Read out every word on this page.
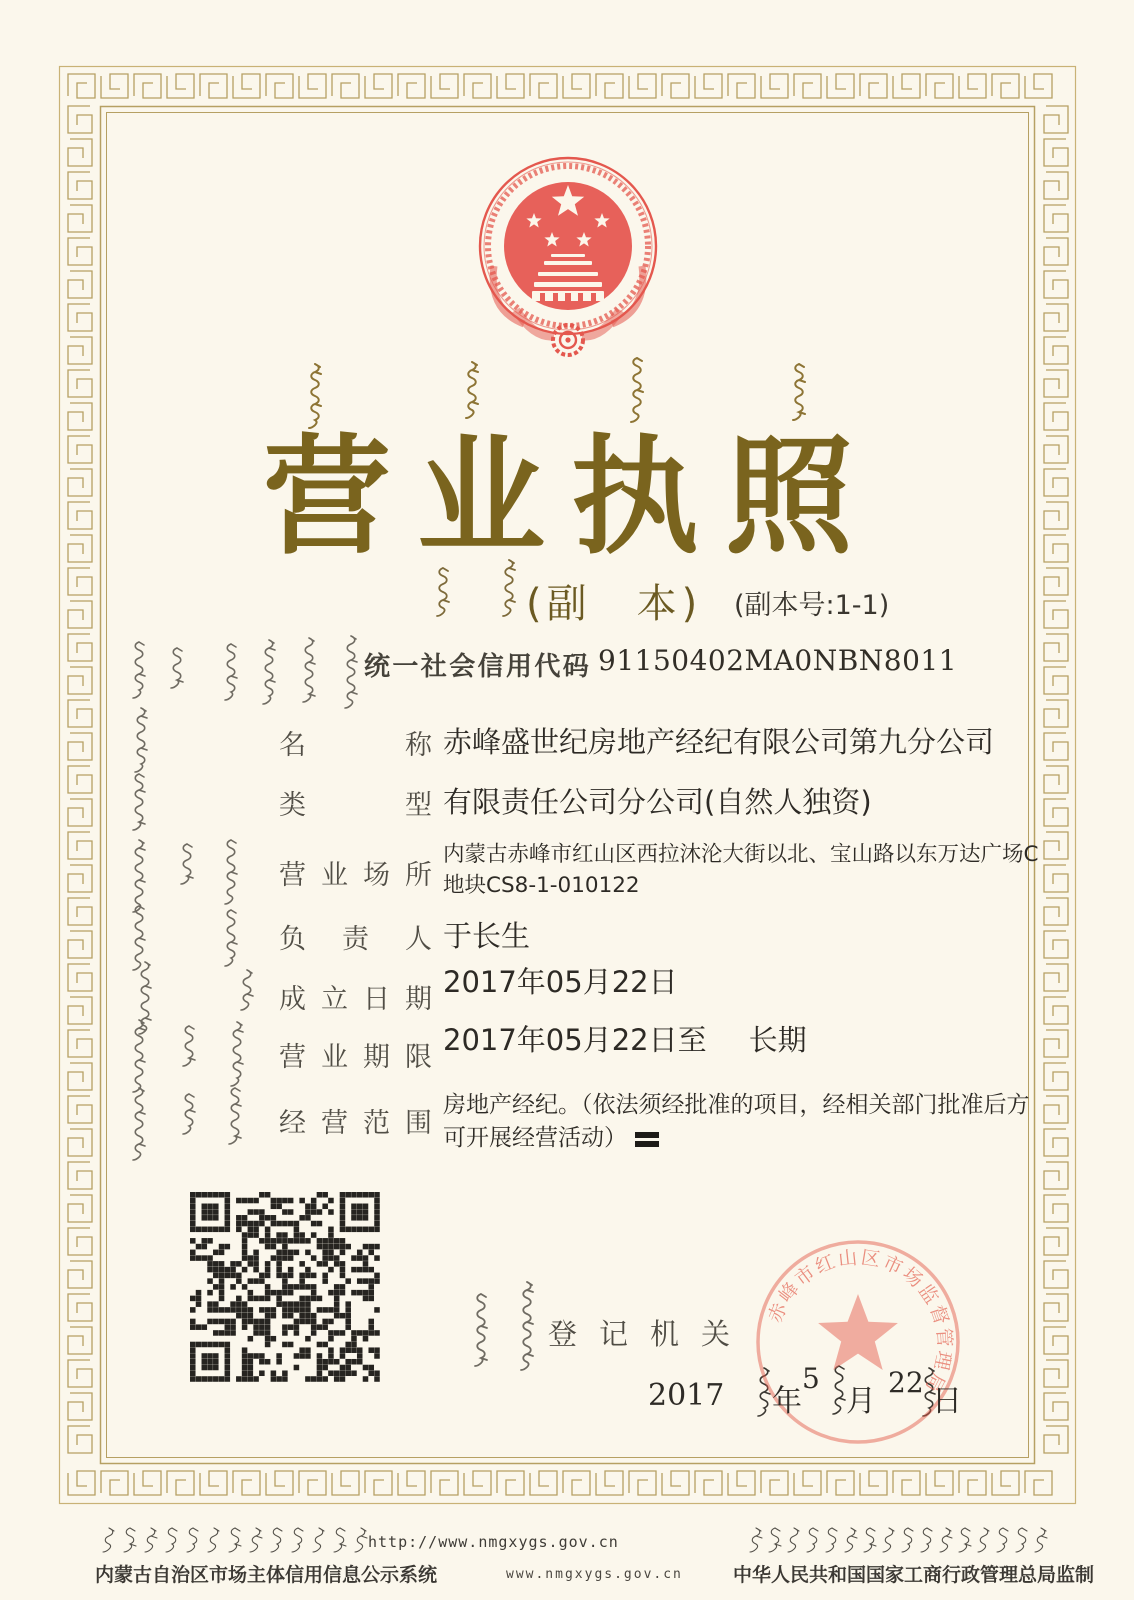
营业执照
(副　本) (副本号:1-1)
统一社会信用代码 91150402MA0NBN8011
名	称 赤峰盛世纪房地产经纪有限公司第九分公司
类	型 有限责任公司分公司(自然人独资)
营 业 场 所
内蒙古赤峰市红山区西拉沐沦大街以北、宝山路以东万达广场C地块CS8-1-010122
负 责 人 于长生
成 立 日 期
2017年05月22日
营 业 期 限
2017年05月22日至 长期
经 营 范 围
房地产经纪。（依法须经批准的项目，经相关部门批准后方可开展经营活动）
赤峰市红山区市场监督管理局
登记机关
2017 年
5
月
22
日
http://www.nmgxygs.gov.cn
内蒙古自治区市场主体信用信息公示系统	www.nmgxygs.gov.cn	中华人民共和国国家工商行政管理总局监制
